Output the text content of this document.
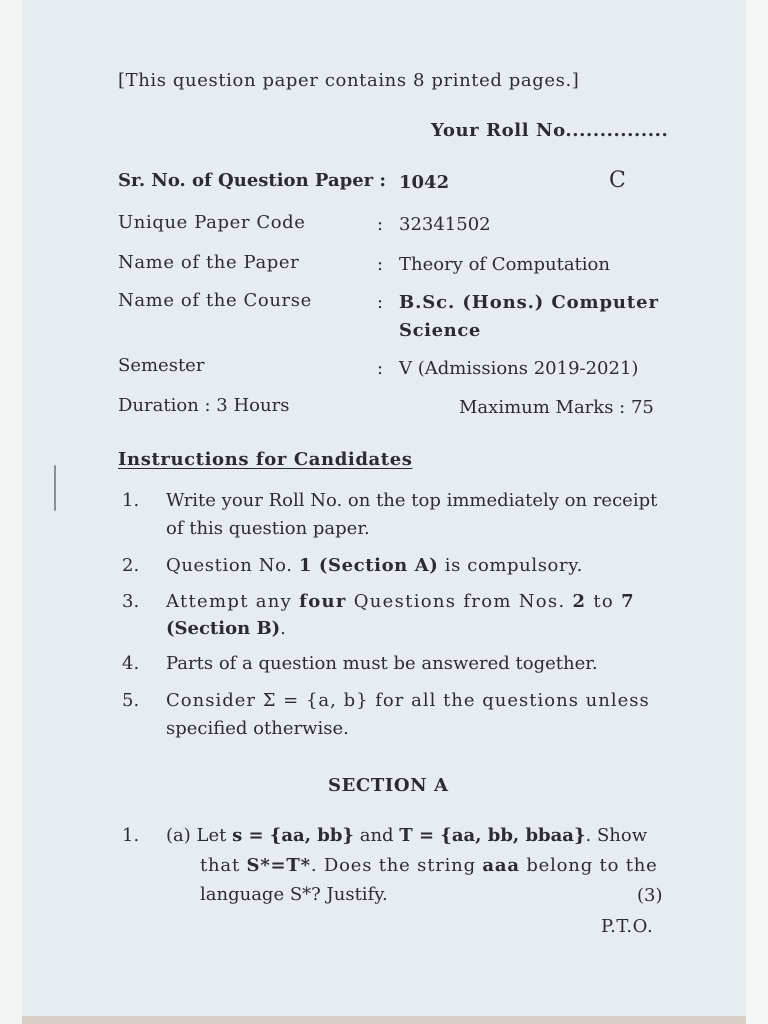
[This question paper contains 8 printed pages.]
Your Roll No...............
Sr. No. of Question Paper : 1042	C
Unique Paper Code	: 32341502
Name of the Paper	: Theory of Computation
Name of the Course	: B.Sc. (Hons.) Computer
Science
Semester	: V (Admissions 2019-2021)
Duration : 3 Hours	Maximum Marks : 75
Instructions for Candidates
1. Write your Roll No. on the top immediately on receipt
of this question paper.
2. Question No. 1 (Section A) is compulsory.
3. Attempt any four Questions from Nos. 2 to 7
(Section B).
4. Parts of a question must be answered together.
5. Consider Σ = {a, b} for all the questions unless
specified otherwise.
SECTION A
1. (a) Let s = {aa, bb} and T = {aa, bb, bbaa}. Show
that S*=T*. Does the string aaa belong to the
language S*? Justify.	(3)
P.T.O.
